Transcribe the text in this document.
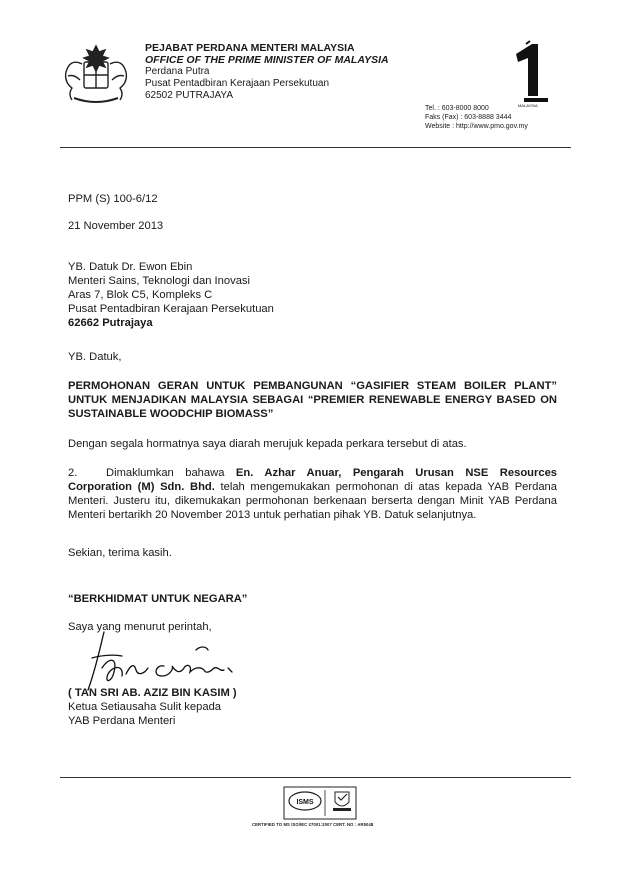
PEJABAT PERDANA MENTERI MALAYSIA
OFFICE OF THE PRIME MINISTER OF MALAYSIA
Perdana Putra
Pusat Pentadbiran Kerajaan Persekutuan
62502 PUTRAJAYA
MALAYSIA
Tel. : 603-8000 8000
Faks (Fax) : 603-8888 3444
Website : http://www.pmo.gov.my
PPM (S) 100-6/12
21 November 2013
YB. Datuk Dr. Ewon Ebin
Menteri Sains, Teknologi dan Inovasi
Aras 7, Blok C5, Kompleks C
Pusat Pentadbiran Kerajaan Persekutuan
62662 Putrajaya
YB. Datuk,
PERMOHONAN GERAN UNTUK PEMBANGUNAN “GASIFIER STEAM BOILER PLANT” UNTUK MENJADIKAN MALAYSIA SEBAGAI “PREMIER RENEWABLE ENERGY BASED ON SUSTAINABLE WOODCHIP BIOMASS”
Dengan segala hormatnya saya diarah merujuk kepada perkara tersebut di atas.
2.	Dimaklumkan bahawa En. Azhar Anuar, Pengarah Urusan NSE Resources Corporation (M) Sdn. Bhd. telah mengemukakan permohonan di atas kepada YAB Perdana Menteri. Justeru itu, dikemukakan permohonan berkenaan berserta dengan Minit YAB Perdana Menteri bertarikh 20 November 2013 untuk perhatian pihak YB. Datuk selanjutnya.
Sekian, terima kasih.
“BERKHIDMAT UNTUK NEGARA”
Saya yang menurut perintah,
( TAN SRI AB. AZIZ BIN KASIM )
Ketua Setiausaha Sulit kepada
YAB Perdana Menteri
ISMS
CERTIFIED TO MS ISO/IEC 27001:2007 CERT. NO : AR5048
